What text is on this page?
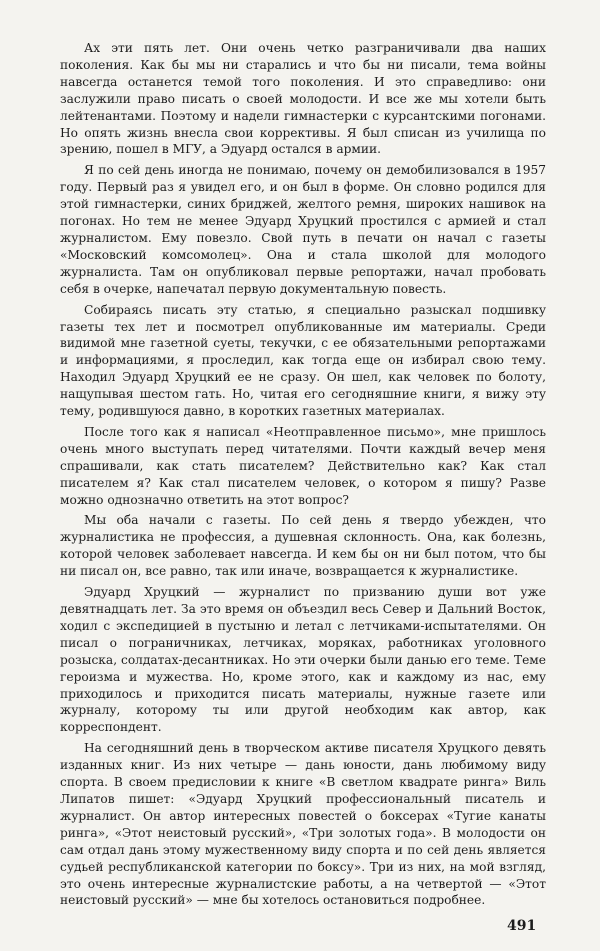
Ах эти пять лет. Они очень четко разграничивали два наших поколения. Как бы мы ни старались и что бы ни писали, тема войны навсегда останется темой того поколения. И это справедливо: они заслужили право писать о своей молодости. И все же мы хотели быть лейтенантами. Поэтому и надели гимнастерки с курсантскими погонами. Но опять жизнь внесла свои коррективы. Я был списан из училища по зрению, пошел в МГУ, а Эдуард остался в армии.

Я по сей день иногда не понимаю, почему он демобилизовался в 1957 году. Первый раз я увидел его, и он был в форме. Он словно родился для этой гимнастерки, синих бриджей, желтого ремня, широких нашивок на погонах. Но тем не менее Эдуард Хруцкий простился с армией и стал журналистом. Ему повезло. Свой путь в печати он начал с газеты «Московский комсомолец». Она и стала школой для молодого журналиста. Там он опубликовал первые репортажи, начал пробовать себя в очерке, напечатал первую документальную повесть.

Собираясь писать эту статью, я специально разыскал подшивку газеты тех лет и посмотрел опубликованные им материалы. Среди видимой мне газетной суеты, текучки, с ее обязательными репортажами и информациями, я проследил, как тогда еще он избирал свою тему. Находил Эдуард Хруцкий ее не сразу. Он шел, как человек по болоту, нащупывая шестом гать. Но, читая его сегодняшние книги, я вижу эту тему, родившуюся давно, в коротких газетных материалах.

После того как я написал «Неотправленное письмо», мне пришлось очень много выступать перед читателями. Почти каждый вечер меня спрашивали, как стать писателем? Действительно как? Как стал писателем я? Как стал писателем человек, о котором я пишу? Разве можно однозначно ответить на этот вопрос?

Мы оба начали с газеты. По сей день я твердо убежден, что журналистика не профессия, а душевная склонность. Она, как болезнь, которой человек заболевает навсегда. И кем бы он ни был потом, что бы ни писал он, все равно, так или иначе, возвращается к журналистике.

Эдуард Хруцкий — журналист по призванию души вот уже девятнадцать лет. За это время он объездил весь Север и Дальний Восток, ходил с экспедицией в пустыню и летал с летчиками-испытателями. Он писал о пограничниках, летчиках, моряках, работниках уголовного розыска, солдатах-десантниках. Но эти очерки были данью его теме. Теме героизма и мужества. Но, кроме этого, как и каждому из нас, ему приходилось и приходится писать материалы, нужные газете или журналу, которому ты или другой необходим как автор, как корреспондент.

На сегодняшний день в творческом активе писателя Хруцкого девять изданных книг. Из них четыре — дань юности, дань любимому виду спорта. В своем предисловии к книге «В светлом квадрате ринга» Виль Липатов пишет: «Эдуард Хруцкий профессиональный писатель и журналист. Он автор интересных повестей о боксерах «Тугие канаты ринга», «Этот неистовый русский», «Три золотых года». В молодости он сам отдал дань этому мужественному виду спорта и по сей день является судьей республиканской категории по боксу». Три из них, на мой взгляд, это очень интересные журналистские работы, а на четвертой — «Этот неистовый русский» — мне бы хотелось остановиться подробнее.

491
